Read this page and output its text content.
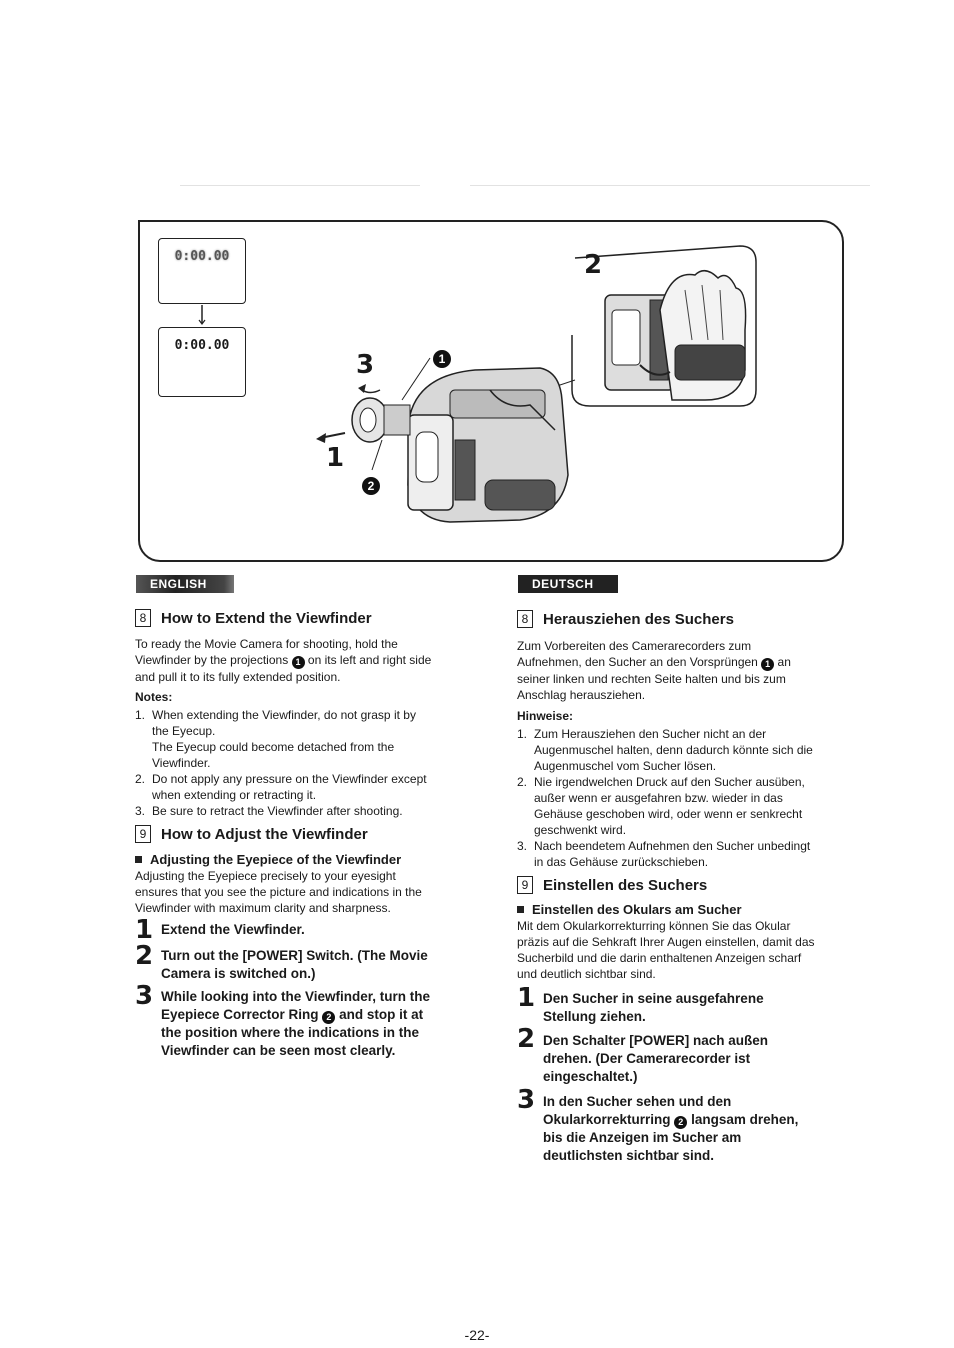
0:00.00
0:00.00
3
1
2
1
2
ENGLISH
8 How to Extend the Viewfinder
To ready the Movie Camera for shooting, hold the
Viewfinder by the projections 1 on its left and right side
and pull it to its fully extended position.
Notes:
1. When extending the Viewfinder, do not grasp it by
the Eyecup.
The Eyecup could become detached from the
Viewfinder.
2. Do not apply any pressure on the Viewfinder except
when extending or retracting it.
3. Be sure to retract the Viewfinder after shooting.
9 How to Adjust the Viewfinder
Adjusting the Eyepiece of the Viewfinder
Adjusting the Eyepiece precisely to your eyesight
ensures that you see the picture and indications in the
Viewfinder with maximum clarity and sharpness.
1 Extend the Viewfinder.
2 Turn out the [POWER] Switch. (The Movie
Camera is switched on.)
3 While looking into the Viewfinder, turn the
Eyepiece Corrector Ring 2 and stop it at
the position where the indications in the
Viewfinder can be seen most clearly.
DEUTSCH
8 Herausziehen des Suchers
Zum Vorbereiten des Camerarecorders zum
Aufnehmen, den Sucher an den Vorsprüngen 1 an
seiner linken und rechten Seite halten und bis zum
Anschlag herausziehen.
Hinweise:
1. Zum Herausziehen den Sucher nicht an der
Augenmuschel halten, denn dadurch könnte sich die
Augenmuschel vom Sucher lösen.
2. Nie irgendwelchen Druck auf den Sucher ausüben,
außer wenn er ausgefahren bzw. wieder in das
Gehäuse geschoben wird, oder wenn er senkrecht
geschwenkt wird.
3. Nach beendetem Aufnehmen den Sucher unbedingt
in das Gehäuse zurückschieben.
9 Einstellen des Suchers
Einstellen des Okulars am Sucher
Mit dem Okularkorrekturring können Sie das Okular
präzis auf die Sehkraft Ihrer Augen einstellen, damit das
Sucherbild und die darin enthaltenen Anzeigen scharf
und deutlich sichtbar sind.
1 Den Sucher in seine ausgefahrene
Stellung ziehen.
2 Den Schalter [POWER] nach außen
drehen. (Der Camerarecorder ist
eingeschaltet.)
3 In den Sucher sehen und den
Okularkorrekturring 2 langsam drehen,
bis die Anzeigen im Sucher am
deutlichsten sichtbar sind.
-22-
